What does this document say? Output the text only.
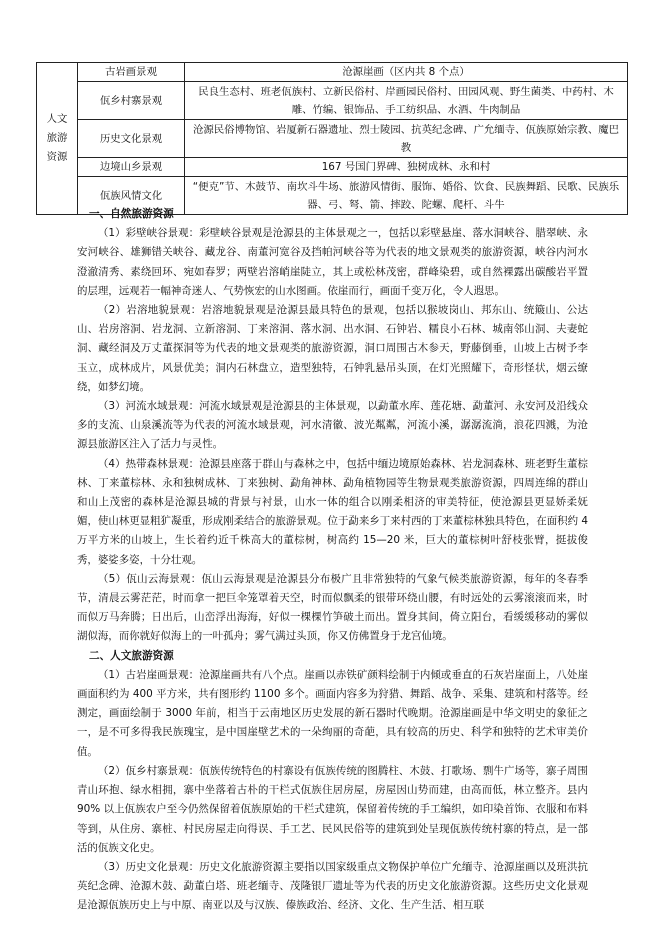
人文旅游资源	古岩画景观	沧源崖画（区内共 8 个点）
	佤乡村寨景观	民良生态村、班老佤族村、立新民俗村、岸画园民俗村、田园风观、野生菌类、中药村、木雕、竹编、银饰品、手工纺织品、水酒、牛肉制品
	历史文化景观	沧源民俗博物馆、岩厦新石器遗址、烈士陵园、抗英纪念碑、广允缅寺、佤族原始宗教、魔巴教
	边境山乡景观	167 号国门界碑、独树成林、永和村
	佤族风情文化	“便克”节、木鼓节、南坎斗牛场、旅游风情街、服饰、婚俗、饮食、民族舞蹈、民歌、民族乐器、弓、弩、箭、摔跤、陀螺、爬杆、斗牛
一、自然旅游资源

（1）彩壁峡谷景观：彩壁峡谷景观是沧源县的主体景观之一，包括以彩壁悬崖、落水洞峡谷、腊翠峡、永安河峡谷、雄狮错关峡谷、藏龙谷、南董河宽谷及挡帕河峡谷等为代表的地文景观类的旅游资源，峡谷内河水澄澈清秀、素绕回环、宛如春罗；两壁岩溶峭崖陡立，其上或松林茂密，群峰染碧，或自然裸露出碳酸岩平置的层理，远观若一幅神奇迷人、气势恢宏的山水图画。依崖而行，画面千变万化，令人遐思。

（2）岩溶地貌景观：岩溶地貌景观是沧源县最具特色的景观，包括以猴坡岗山、邦东山、统簸山、公达山、岩房溶洞、岩龙洞、立新溶洞、丁来溶洞、落水洞、出水洞、石钟岩、糯良小石林、城南邻山洞、夫妻蛇洞、藏经洞及万丈董探洞等为代表的地文景观类的旅游资源，洞口周围古木参天，野藤倒垂，山坡上古树予李玉立，成林成片，风景优美；洞内石林盘立，造型独特，石钟乳悬吊头顶，在灯光照耀下，奇形怪状，烟云缭绕，如梦幻境。

（3）河流水域景观：河流水域景观是沧源县的主体景观，以勐董水库、莲花塘、勐董河、永安河及沿线众多的支流、山泉溪流等为代表的河流水域景观，河水清徽、波光粼粼，河流小溪，潺潺流淌，浪花四溅，为沧源县旅游区注入了活力与灵性。

（4）热带森林景观：沧源县座落于群山与森林之中，包括中缅边境原始森林、岩龙洞森林、班老野生董棕林、丁来董棕林、永和独树成林、丁来独树、勐角神林、勐角植物园等生物景观类旅游资源，四周连绵的群山和山上茂密的森林是沧源县城的背景与衬景，山水一体的组合以刚柔相济的审美特征，使沧源县更显娇柔妩媚，使山林更显粗犷凝重，形成刚柔结合的旅游景观。位于勐来乡丁来村西的丁来董棕林独具特色，在面积约 4 万平方米的山坡上，生长着约近千株高大的董棕树，树高约 15—20 米，巨大的董棕树叶舒枝张臂，挺拔俊秀，婆娑多姿，十分壮观。

（5）佤山云海景观：佤山云海景观是沧源县分布极广且非常独特的气象气候类旅游资源，每年的冬春季节，清晨云雾茫茫，时而拿一把巨伞笼罩着天空，时而似飘柔的银带环绕山腰，有时远处的云雾滚滚而来，时而似万马奔腾；日出后，山峦浮出海海，好似一棵棵竹笋破土而出。置身其间，倚立阳台，看缓缓移动的雾似湖似海，而你就好似海上的一叶孤舟；雾气满过头顶，你又仿佛置身于龙宫仙境。

二、人文旅游资源

（1）古岩崖画景观：沧源崖画共有八个点。崖画以赤铁矿颜料绘制于内倾或垂直的石灰岩崖面上，八处崖画面积约为 400 平方米，共有图形约 1100 多个。画面内容多为狩猎、舞蹈、战争、采集、建筑和村落等。经测定，画面绘制于 3000 年前，相当于云南地区历史发展的新石器时代晚期。沧源崖画是中华文明史的象征之一，是不可多得我民族瑰宝，是中国崖壁艺术的一朵绚丽的奇葩，具有较高的历史、科学和独特的艺术审美价值。

（2）佤乡村寨景观：佤族传统特色的村寨设有佤族传统的图腾柱、木鼓、打歌场、剽牛广场等，寨子周围青山环抱、绿水相拥，寨中坐落着古朴的干栏式佤族住居房屋，房屋因山势而建，由高而低，林立整齐。县内 90% 以上佤族农户至今仍然保留着佤族原始的干栏式建筑，保留着传统的手工编织，如印染首饰、衣服和布料等到，从住房、寨桩、村民房屋走向得误、手工艺、民风民俗等的建筑到处呈现佤族传统村寨的特点，是一部活的佤族文化史。

（3）历史文化景观：历史文化旅游资源主要指以国家级重点文物保护单位广允缅寺、沧源崖画以及班洪抗英纪念碑、沧源木鼓、勐董白塔、班老缅寺、茂隆银厂遗址等为代表的历史文化旅游资源。这些历史文化景观是沧源佤族历史上与中原、南亚以及与汉族、傣族政治、经济、文化、生产生活、相互联
